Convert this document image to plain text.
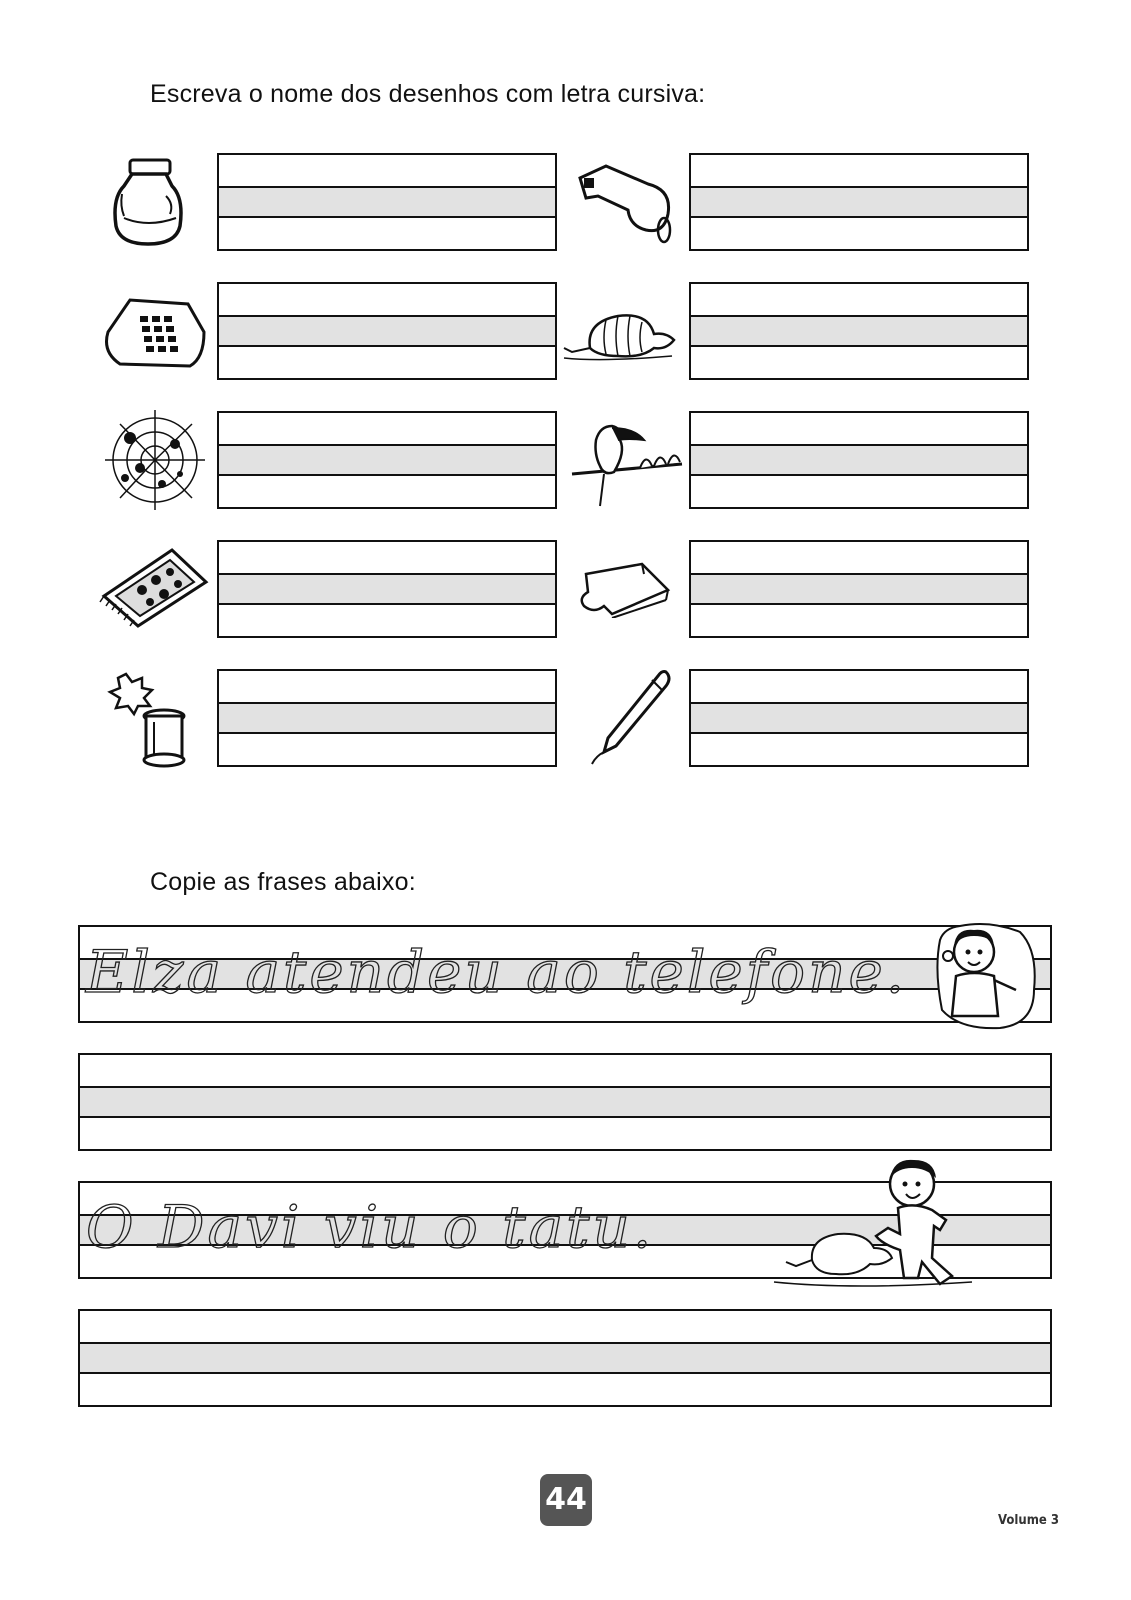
Escreva o nome dos desenhos com letra cursiva:
Copie as frases abaixo:
Elza atendeu ao telefone.
O Davi viu o tatu.
44
Volume 3
